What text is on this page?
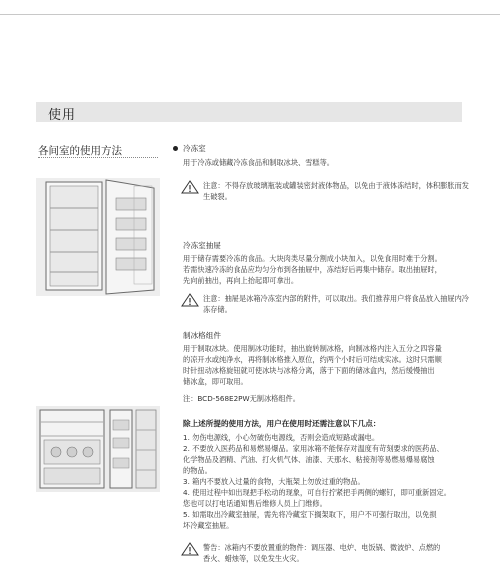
使用
各间室的使用方法	冷冻室
用于冷冻或储藏冷冻食品和制取冰块、雪糕等。
注意：不得存放玻璃瓶装或罐装密封液体物品，以免由于液体冻结时，体积膨胀而发生破裂。
冷冻室抽屉
用于储存需要冷冻的食品。大块肉类尽量分割成小块加入，以免食用时难于分割。
若需快速冷冻的食品应均匀分布到各抽屉中，冻结好后再集中储存。取出抽屉时，
先向前抽出，再向上抬起即可拿出。
注意：抽屉是冰箱冷冻室内部的附件，可以取出。我们推荐用户将食品放入抽屉内冷冻存储。
制冰格组件
用于制取冰块。使用制冰功能时，抽出旋转制冰格，向制冰格内注入五分之四容量
的凉开水或纯净水，再将制冰格推入原位，约两个小时后可结成实冰。这时只需顺
时针扭动冰格旋钮就可使冰块与冰格分离，落于下面的储冰盒内，然后缓慢抽出
储冰盒，即可取用。
注：BCD-568E2PW无制冰格组件。
除上述所提的使用方法，用户在使用时还需注意以下几点：
1. 勿伤电源线，小心勿破伤电源线，否则会造成短路或漏电。
2. 不要放入医药品和易燃易爆品。家用冰箱不能保存对温度有苛刻要求的医药品、
化学物品及酒精、汽油、打火机气体、油漆、天那水、粘接剂等易燃易爆易腐蚀
的物品。
3. 箱内不要放入过量的食物，大瓶架上勿放过重的物品。
4. 使用过程中如出现把手松动的现象，可自行拧紧把手两侧的螺钉，即可重新固定。
您也可以打电话通知售后维修人员上门维修。
5. 如需取出冷藏室抽屉，需先将冷藏室下搁架取下，用户不可强行取出，以免损
坏冷藏室抽屉。
警告：冰箱内不要放置重的物件：调压器、电炉、电饭锅、微波炉、点燃的
香火、蜡烛等，以免发生火灾。
